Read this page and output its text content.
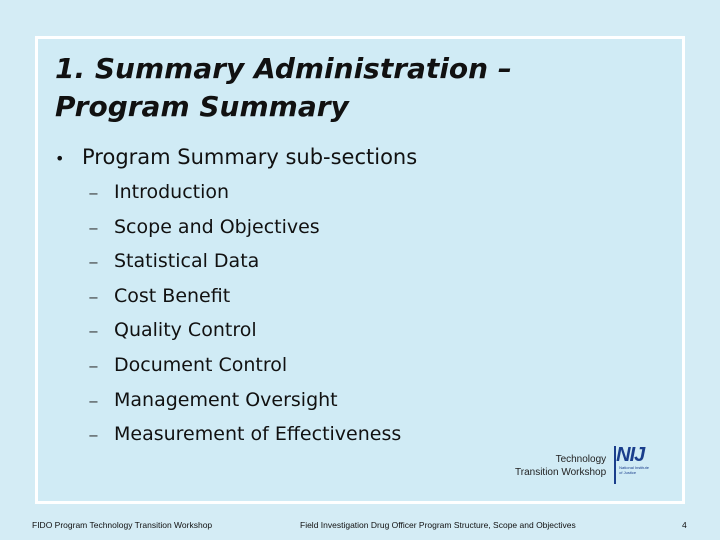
1. Summary Administration – Program Summary
• Program Summary sub-sections
− Introduction
− Scope and Objectives
− Statistical Data
− Cost Benefit
− Quality Control
− Document Control
− Management Oversight
− Measurement of Effectiveness
Technology
Transition Workshop
NIJ
National Institute of Justice
FIDO Program Technology Transition Workshop	Field Investigation Drug Officer Program Structure, Scope and Objectives	4
